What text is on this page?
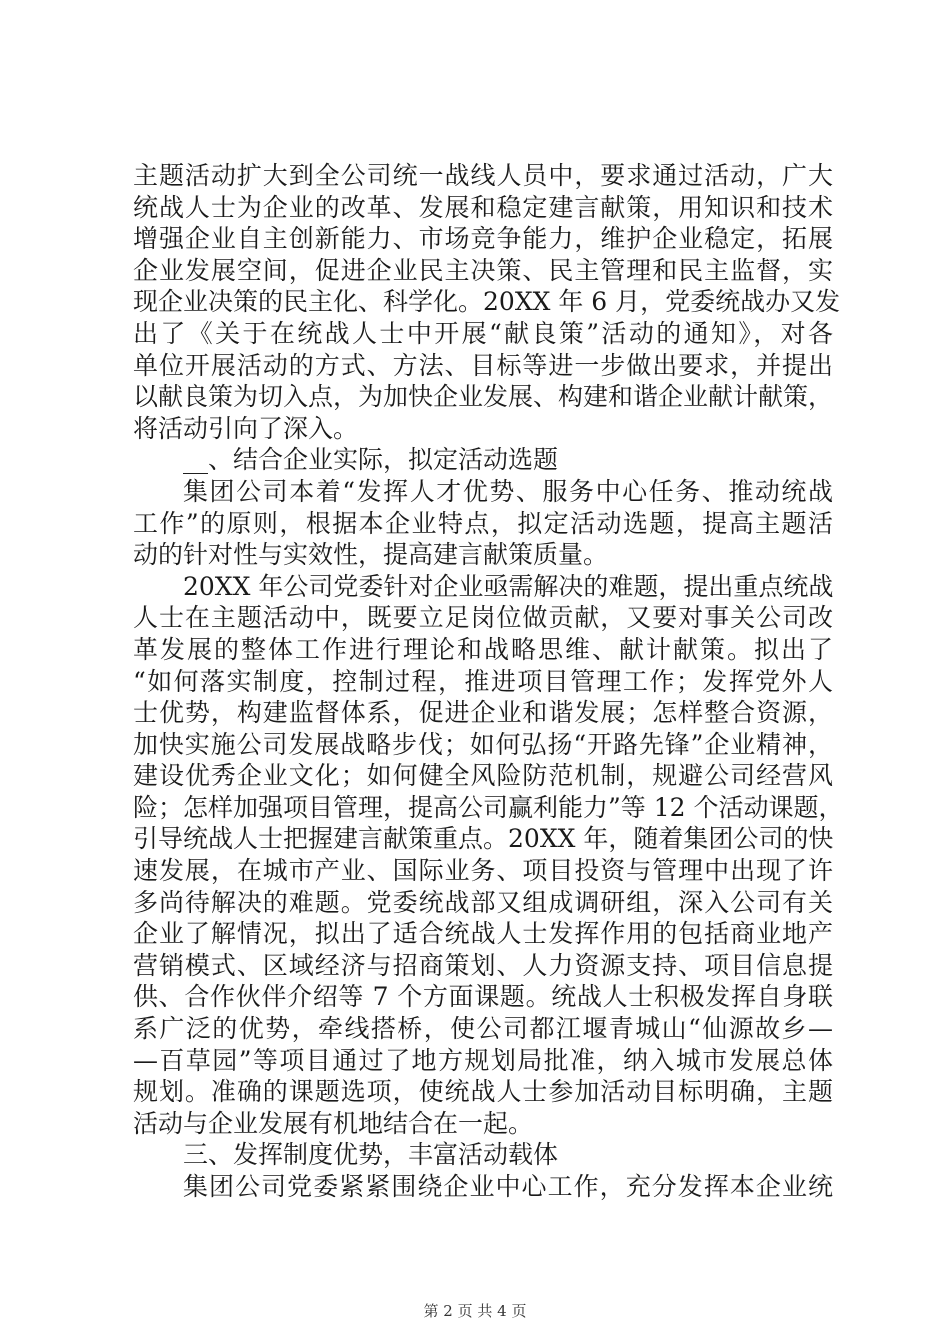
主题活动扩大到全公司统一战线人员中，要求通过活动，广大

统战人士为企业的改革、发展和稳定建言献策，用知识和技术

增强企业自主创新能力、市场竞争能力，维护企业稳定，拓展

企业发展空间，促进企业民主决策、民主管理和民主监督，实

现企业决策的民主化、科学化。20XX 年 6 月，党委统战办又发

出了《关于在统战人士中开展“献良策”活动的通知》，对各

单位开展活动的方式、方法、目标等进一步做出要求，并提出

以献良策为切入点，为加快企业发展、构建和谐企业献计献策，

将活动引向了深入。

__、结合企业实际，拟定活动选题

集团公司本着“发挥人才优势、服务中心任务、推动统战

工作”的原则，根据本企业特点，拟定活动选题，提高主题活

动的针对性与实效性，提高建言献策质量。

20XX 年公司党委针对企业亟需解决的难题，提出重点统战

人士在主题活动中，既要立足岗位做贡献，又要对事关公司改

革发展的整体工作进行理论和战略思维、献计献策。拟出了

“如何落实制度，控制过程，推进项目管理工作；发挥党外人

士优势，构建监督体系，促进企业和谐发展；怎样整合资源，

加快实施公司发展战略步伐；如何弘扬“开路先锋”企业精神，

建设优秀企业文化；如何健全风险防范机制，规避公司经营风

险；怎样加强项目管理，提高公司赢利能力”等 12 个活动课题，

引导统战人士把握建言献策重点。20XX 年，随着集团公司的快

速发展，在城市产业、国际业务、项目投资与管理中出现了许

多尚待解决的难题。党委统战部又组成调研组，深入公司有关

企业了解情况，拟出了适合统战人士发挥作用的包括商业地产

营销模式、区域经济与招商策划、人力资源支持、项目信息提

供、合作伙伴介绍等 7 个方面课题。统战人士积极发挥自身联

系广泛的优势，牵线搭桥，使公司都江堰青城山“仙源故乡—

—百草园”等项目通过了地方规划局批准，纳入城市发展总体

规划。准确的课题选项，使统战人士参加活动目标明确，主题

活动与企业发展有机地结合在一起。

三、发挥制度优势，丰富活动载体

集团公司党委紧紧围绕企业中心工作，充分发挥本企业统

第 2 页 共 4 页
